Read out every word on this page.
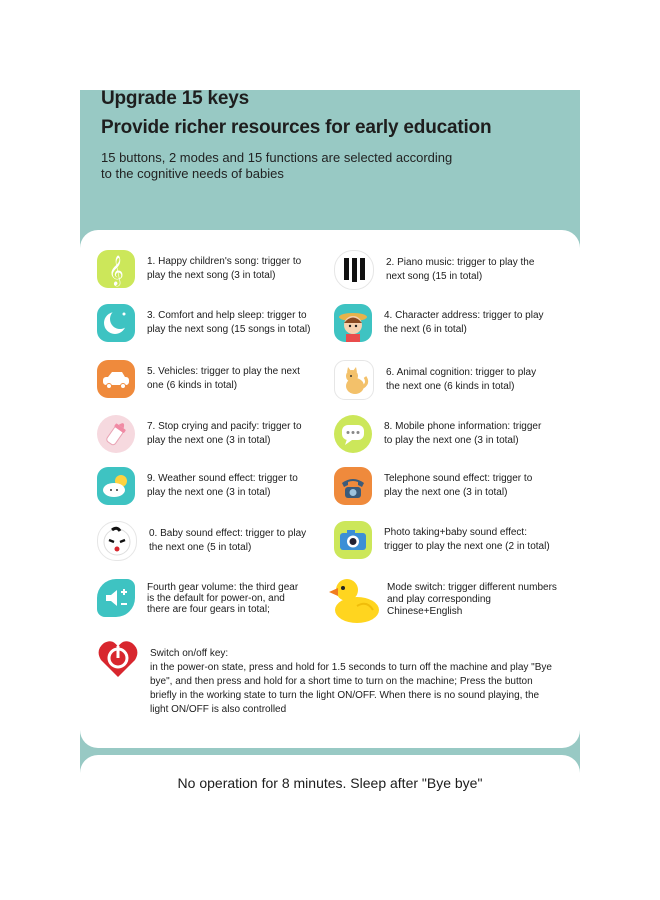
Upgrade 15 keys
Provide richer resources for early education
15 buttons, 2 modes and 15 functions are selected according to the cognitive needs of babies
𝄞 1. Happy children's song: trigger to play the next song (3 in total)
2. Piano music: trigger to play the next song (15 in total)
3. Comfort and help sleep: trigger to play the next song (15 songs in total)
4. Character address: trigger to play the next (6 in total)
5. Vehicles: trigger to play the next one (6 kinds in total)
6. Animal cognition: trigger to play the next one (6 kinds in total)
7. Stop crying and pacify: trigger to play the next one (3 in total)
8. Mobile phone information: trigger to play the next one (3 in total)
9. Weather sound effect: trigger to play the next one (3 in total)
Telephone sound effect: trigger to play the next one (3 in total)
0. Baby sound effect: trigger to play the next one (5 in total)
Photo taking+baby sound effect: trigger to play the next one (2 in total)
Fourth gear volume: the third gear is the default for power-on, and there are four gears in total;
Mode switch: trigger different numbers and play corresponding Chinese+English
Switch on/off key:
in the power-on state, press and hold for 1.5 seconds to turn off the machine and play "Bye bye", and then press and hold for a short time to turn on the machine; Press the button briefly in the working state to turn the light ON/OFF. When there is no sound playing, the light ON/OFF is also controlled
No operation for 8 minutes. Sleep after "Bye bye"
